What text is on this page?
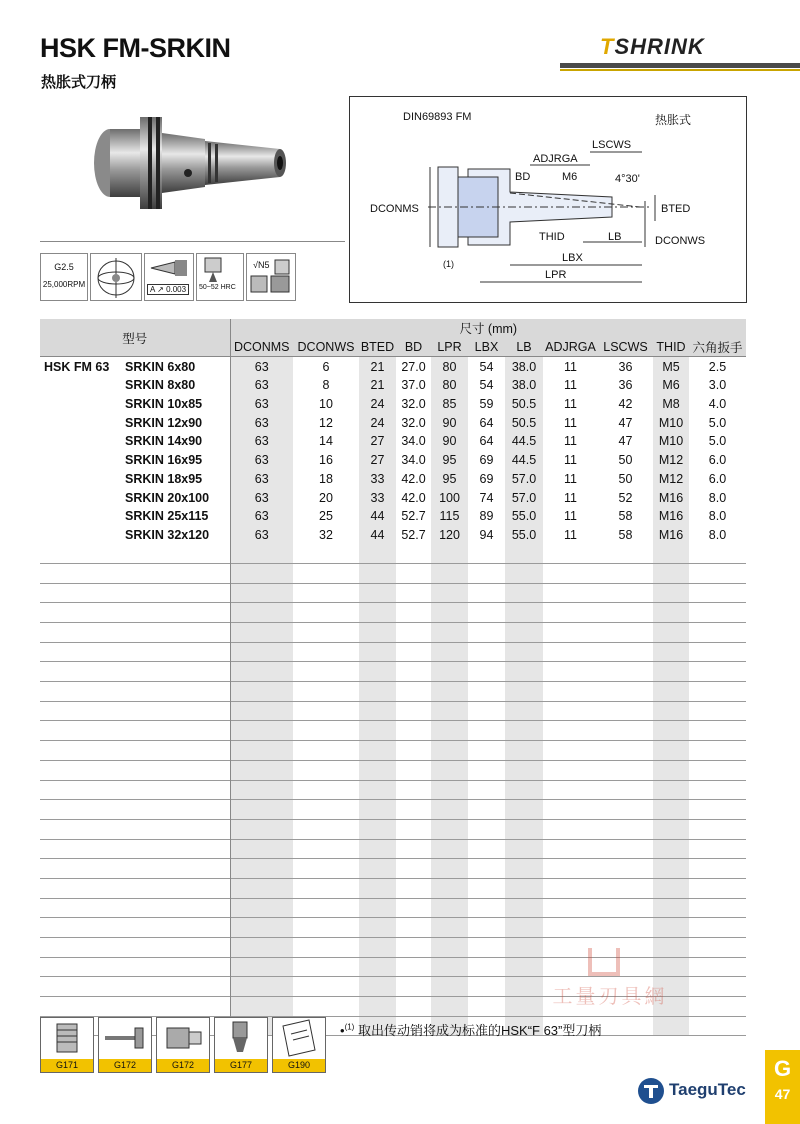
HSK FM-SRKIN
热胀式刀柄
TSHRINK
G2.5
25,000RPM
A ↗ 0.003	50~52 HRC
√N5
DIN69893 FM	热胀式
LSCWS
ADJRGA
BD	M6	4°30'
DCONMS	BTED
THID	LB	DCONWS
LBX
LPR
(1)
型号		尺寸 (mm)										
		DCONMS	DCONWS	BTED	BD	LPR	LBX	LB	ADJRGA	LSCWS	THID	六角扳手
HSK FM 63	SRKIN 6x80	63	6	21	27.0	80	54	38.0	11	36	M5	2.5
	SRKIN 8x80	63	8	21	37.0	80	54	38.0	11	36	M6	3.0
	SRKIN 10x85	63	10	24	32.0	85	59	50.5	11	42	M8	4.0
	SRKIN 12x90	63	12	24	32.0	90	64	50.5	11	47	M10	5.0
	SRKIN 14x90	63	14	27	34.0	90	64	44.5	11	47	M10	5.0
	SRKIN 16x95	63	16	27	34.0	95	69	44.5	11	50	M12	6.0
	SRKIN 18x95	63	18	33	42.0	95	69	57.0	11	50	M12	6.0
	SRKIN 20x100	63	20	33	42.0	100	74	57.0	11	52	M16	8.0
	SRKIN 25x115	63	25	44	52.7	115	89	55.0	11	58	M16	8.0
	SRKIN 32x120	63	32	44	52.7	120	94	55.0	11	58	M16	8.0

G171	G172	G172	G177	G190
•$^{(1)}$ 取出传动销将成为标准的HSK“F 63”型刀柄
工量刃具網
TaeguTec
G
47
